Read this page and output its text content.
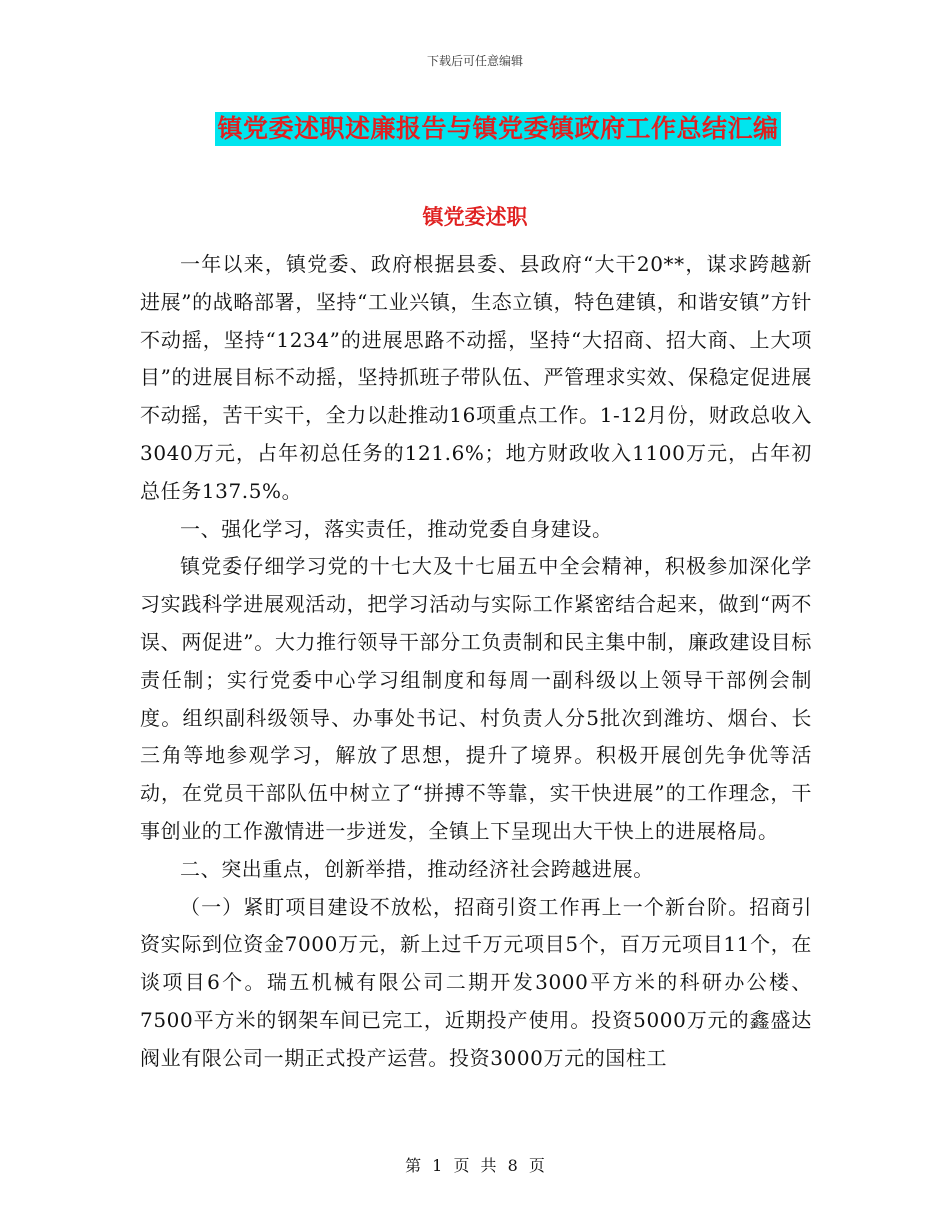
下载后可任意编辑
镇党委述职述廉报告与镇党委镇政府工作总结汇编
镇党委述职

一年以来，镇党委、政府根据县委、县政府“大干20**，谋求跨越新进展”的战略部署，坚持“工业兴镇，生态立镇，特色建镇，和谐安镇”方针不动摇，坚持“1234”的进展思路不动摇，坚持“大招商、招大商、上大项目”的进展目标不动摇，坚持抓班子带队伍、严管理求实效、保稳定促进展不动摇，苦干实干，全力以赴推动16项重点工作。1-12月份，财政总收入3040万元，占年初总任务的121.6%；地方财政收入1100万元，占年初总任务137.5%。

一、强化学习，落实责任，推动党委自身建设。

镇党委仔细学习党的十七大及十七届五中全会精神，积极参加深化学习实践科学进展观活动，把学习活动与实际工作紧密结合起来，做到“两不误、两促进”。大力推行领导干部分工负责制和民主集中制，廉政建设目标责任制；实行党委中心学习组制度和每周一副科级以上领导干部例会制度。组织副科级领导、办事处书记、村负责人分5批次到潍坊、烟台、长三角等地参观学习，解放了思想，提升了境界。积极开展创先争优等活动，在党员干部队伍中树立了“拼搏不等靠，实干快进展”的工作理念，干事创业的工作激情进一步迸发，全镇上下呈现出大干快上的进展格局。

二、突出重点，创新举措，推动经济社会跨越进展。

（一）紧盯项目建设不放松，招商引资工作再上一个新台阶。招商引资实际到位资金7000万元，新上过千万元项目5个，百万元项目11个，在谈项目6个。瑞五机械有限公司二期开发3000平方米的科研办公楼、7500平方米的钢架车间已完工，近期投产使用。投资5000万元的鑫盛达阀业有限公司一期正式投产运营。投资3000万元的国柱工

第 1 页 共 8 页
